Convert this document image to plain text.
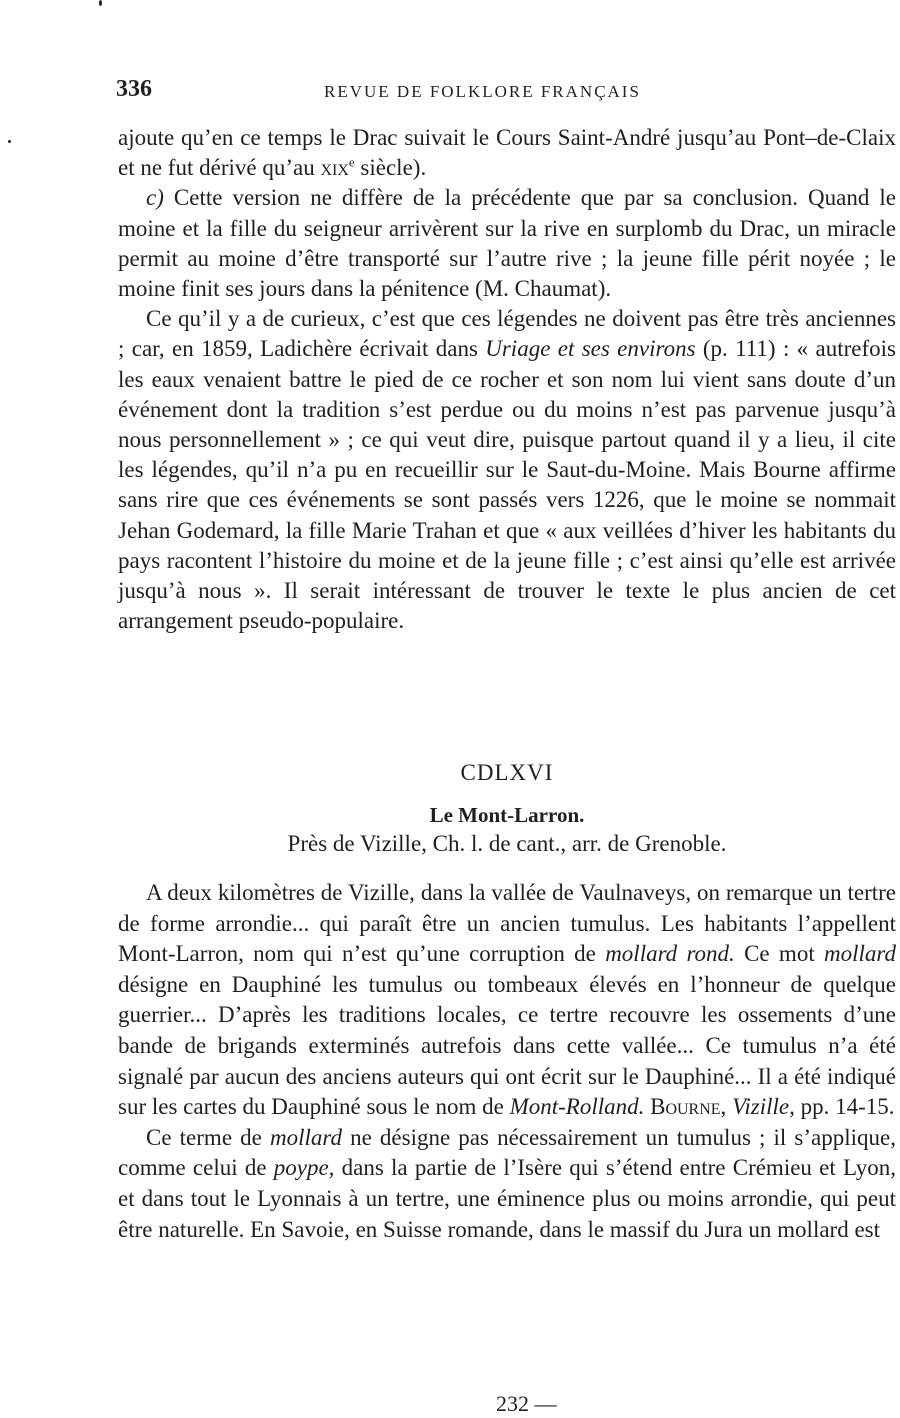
336	REVUE DE FOLKLORE FRANÇAIS

ajoute qu’en ce temps le Drac suivait le Cours Saint-André jusqu’au Pont–de-Claix et ne fut dérivé qu’au xix$^e$ siècle).

c) Cette version ne diffère de la précédente que par sa conclusion. Quand le moine et la fille du seigneur arrivèrent sur la rive en surplomb du Drac, un miracle permit au moine d’être transporté sur l’autre rive ; la jeune fille périt noyée ; le moine finit ses jours dans la pénitence (M. Chaumat).

Ce qu’il y a de curieux, c’est que ces légendes ne doivent pas être très anciennes ; car, en 1859, Ladichère écrivait dans Uriage et ses environs (p. 111) : « autrefois les eaux venaient battre le pied de ce rocher et son nom lui vient sans doute d’un événement dont la tradition s’est perdue ou du moins n’est pas parvenue jusqu’à nous personnellement » ; ce qui veut dire, puisque partout quand il y a lieu, il cite les légendes, qu’il n’a pu en recueillir sur le Saut-du-Moine. Mais Bourne affirme sans rire que ces événements se sont passés vers 1226, que le moine se nommait Jehan Godemard, la fille Marie Trahan et que « aux veillées d’hiver les habitants du pays racontent l’histoire du moine et de la jeune fille ; c’est ainsi qu’elle est arrivée jusqu’à nous ». Il serait intéressant de trouver le texte le plus ancien de cet arrangement pseudo-populaire.

CDLXVI
Le Mont-Larron.
Près de Vizille, Ch. l. de cant., arr. de Grenoble.

A deux kilomètres de Vizille, dans la vallée de Vaulnaveys, on remarque un tertre de forme arrondie... qui paraît être un ancien tumulus. Les habitants l’appellent Mont-Larron, nom qui n’est qu’une corruption de mollard rond. Ce mot mollard désigne en Dauphiné les tumulus ou tombeaux élevés en l’honneur de quelque guerrier... D’après les traditions locales, ce tertre recouvre les ossements d’une bande de brigands exterminés autrefois dans cette vallée... Ce tumulus n’a été signalé par aucun des anciens auteurs qui ont écrit sur le Dauphiné... Il a été indiqué sur les cartes du Dauphiné sous le nom de Mont-Rolland. Bourne, Vizille, pp. 14-15.

Ce terme de mollard ne désigne pas nécessairement un tumulus ; il s’applique, comme celui de poype, dans la partie de l’Isère qui s’étend entre Crémieu et Lyon, et dans tout le Lyonnais à un tertre, une éminence plus ou moins arrondie, qui peut être naturelle. En Savoie, en Suisse romande, dans le massif du Jura un mollard est

232 —
